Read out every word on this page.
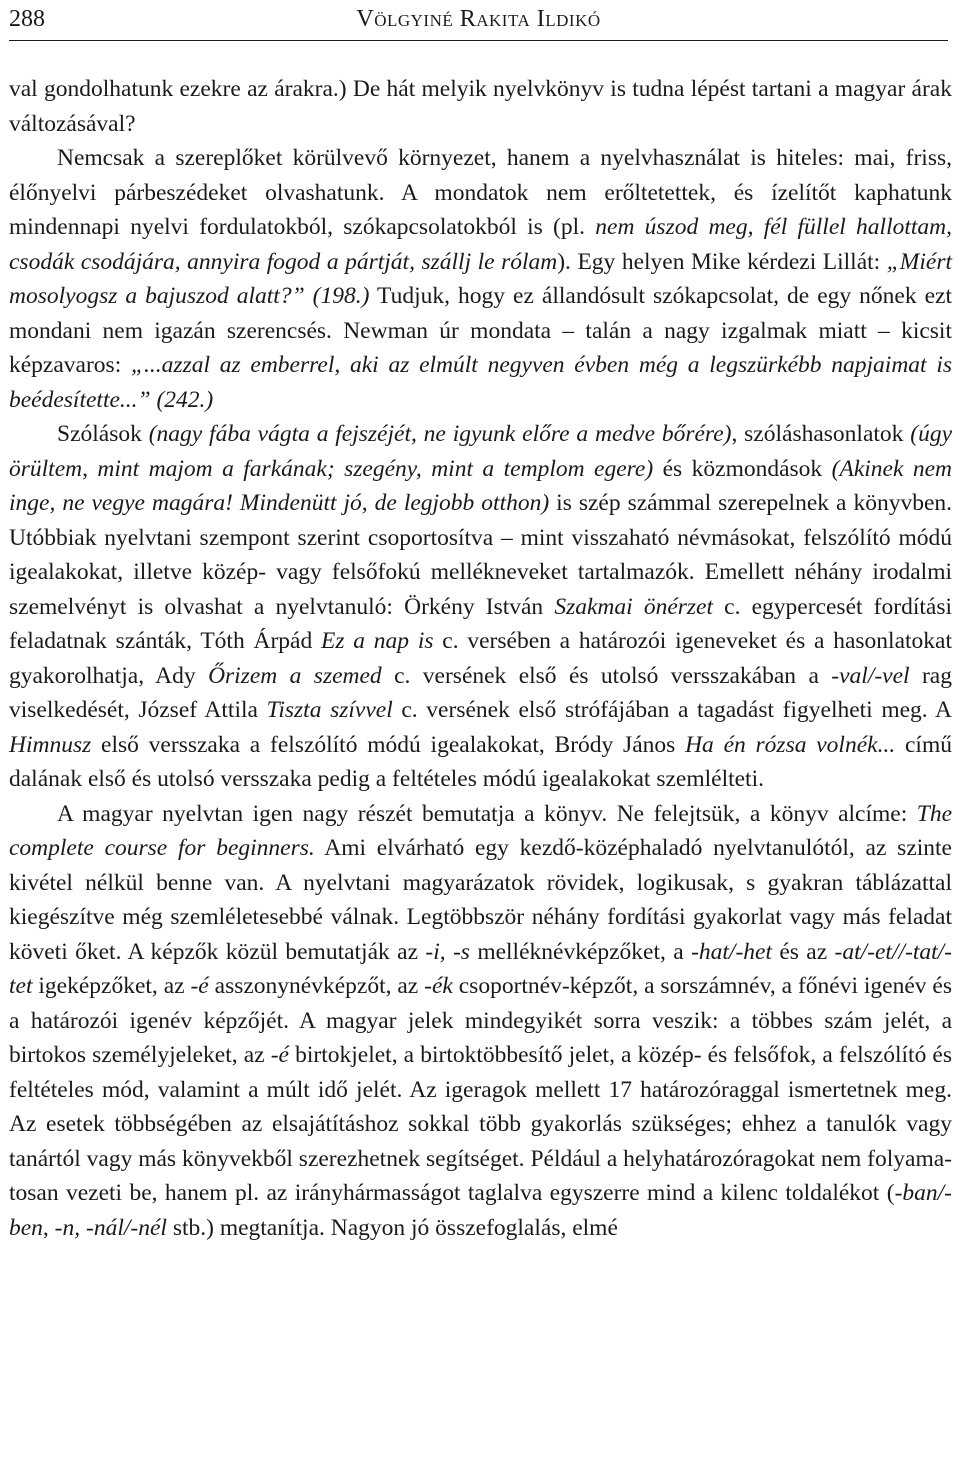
288	Völgyiné Rakita Ildikó

val gondolhatunk ezekre az árakra.) De hát melyik nyelvkönyv is tudna lépést tartani a magyar árak változásával?

Nemcsak a szereplőket körülvevő környezet, hanem a nyelvhasználat is hiteles: mai, friss, élőnyelvi párbeszédeket olvashatunk. A mondatok nem erőltetettek, és ízelítőt kaphatunk mindennapi nyelvi fordulatokból, szókapcsolatokból is (pl. nem úszod meg, fél füllel hallottam, csodák csodájára, annyira fogod a pártját, szállj le rólam). Egy helyen Mike kérdezi Lillát: „Miért mosolyogsz a bajuszod alatt?” (198.) Tudjuk, hogy ez állandósult szókapcsolat, de egy nőnek ezt mondani nem igazán szerencsés. Newman úr mondata – talán a nagy izgalmak miatt – kicsit képzavaros: „...azzal az emberrel, aki az elmúlt negyven évben még a legszürkébb napjaimat is beédesítette...” (242.)

Szólások (nagy fába vágta a fejszéjét, ne igyunk előre a medve bőrére), szóláshasonlatok (úgy örültem, mint majom a farkának; szegény, mint a templom egere) és közmondások (Akinek nem inge, ne vegye magára! Mindenütt jó, de legjobb otthon) is szép számmal szerepelnek a könyvben. Utóbbiak nyelvtani szempont szerint csoportosítva – mint visszaható névmásokat, felszólító módú igealakokat, illetve közép- vagy felsőfokú mellékneveket tartalmazók. Emellett néhány irodalmi szemelvényt is olvashat a nyelvtanuló: Örkény István Szakmai önérzet c. egypercesét fordítási feladatnak szánták, Tóth Árpád Ez a nap is c. versében a határozói igeneveket és a hasonlatokat gyakorolhatja, Ady Őrizem a szemed c. versének első és utolsó versszakában a -val/-vel rag viselkedését, József Attila Tiszta szívvel c. versének első strófájában a tagadást figyelheti meg. A Himnusz első versszaka a felszólító módú igealakokat, Bródy János Ha én rózsa volnék... című dalának első és utolsó versszaka pedig a feltételes módú igealakokat szemlélteti.

A magyar nyelvtan igen nagy részét bemutatja a könyv. Ne felejtsük, a könyv alcíme: The complete course for beginners. Ami elvárható egy kezdő-középhaladó nyelvtanulótól, az szinte kivétel nélkül benne van. A nyelvtani magyarázatok rövidek, logikusak, s gyakran táblázattal kiegészítve még szemléletesebbé válnak. Legtöbbször néhány fordítási gyakorlat vagy más feladat követi őket. A képzők közül bemutatják az -i, -s melléknévképzőket, a -hat/-het és az -at/-et//-tat/-tet igeképzőket, az -é asszonynévképzőt, az -ék csoportnév-képzőt, a sorszámnév, a főnévi igenév és a határozói igenév képzőjét. A magyar jelek mindegyikét sorra veszik: a többes szám jelét, a birtokos személyjeleket, az -é birtokjelet, a birtoktöbbesítő jelet, a közép- és felsőfok, a felszólító és feltételes mód, valamint a múlt idő jelét. Az igeragok mellett 17 határozóraggal ismertetnek meg. Az esetek többségében az elsajátításhoz sokkal több gyakorlás szükséges; ehhez a tanulók vagy tanártól vagy más könyvekből szerezhetnek segítséget. Például a helyhatározóragokat nem folyamatosan vezeti be, hanem pl. az irányhármasságot taglalva egyszerre mind a kilenc toldalékot (-ban/-ben, -n, -nál/-nél stb.) megtanítja. Nagyon jó összefoglalás, elmé
